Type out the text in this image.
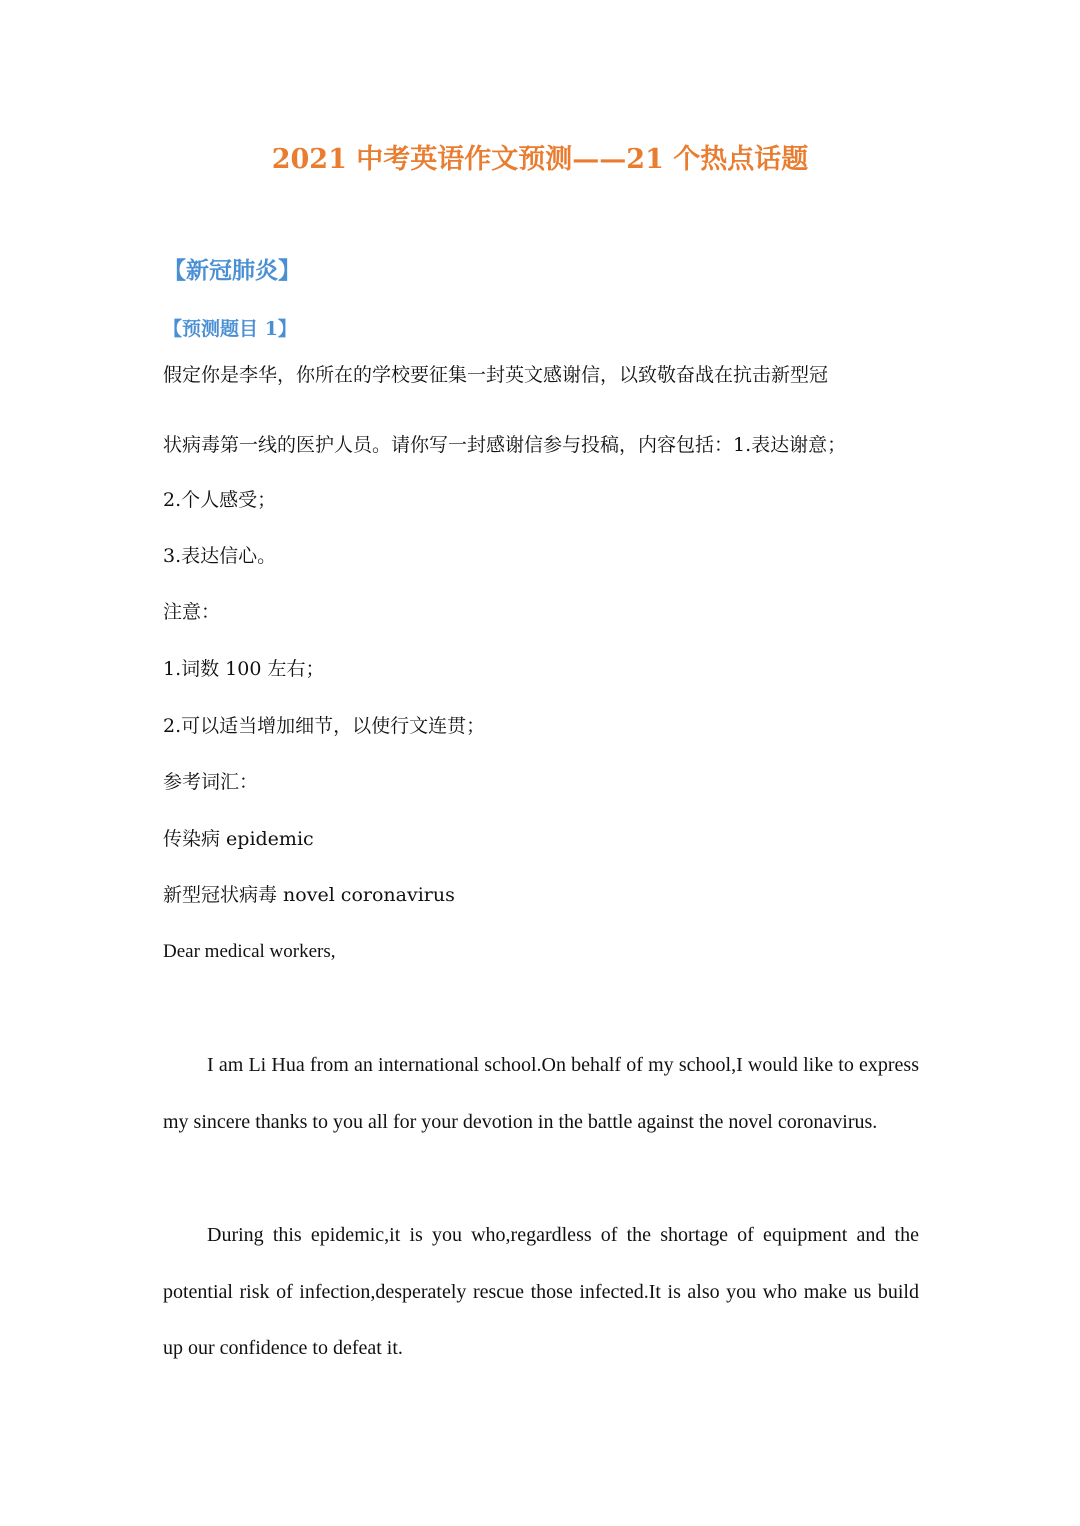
2021 中考英语作文预测——21 个热点话题
【新冠肺炎】
【预测题目 1】
假定你是李华，你所在的学校要征集一封英文感谢信，以致敬奋战在抗击新型冠
状病毒第一线的医护人员。请你写一封感谢信参与投稿，内容包括：1.表达谢意；
2.个人感受；
3.表达信心。
注意：
1.词数 100 左右；
2.可以适当增加细节，以使行文连贯；
参考词汇：
传染病 epidemic
新型冠状病毒 novel coronavirus
Dear medical workers,

I am Li Hua from an international school.On behalf of my school,I would like to express my sincere thanks to you all for your devotion in the battle against the novel coronavirus.

During this epidemic,it is you who,regardless of the shortage of equipment and the potential risk of infection,desperately rescue those infected.It is also you who make us build up our confidence to defeat it.
